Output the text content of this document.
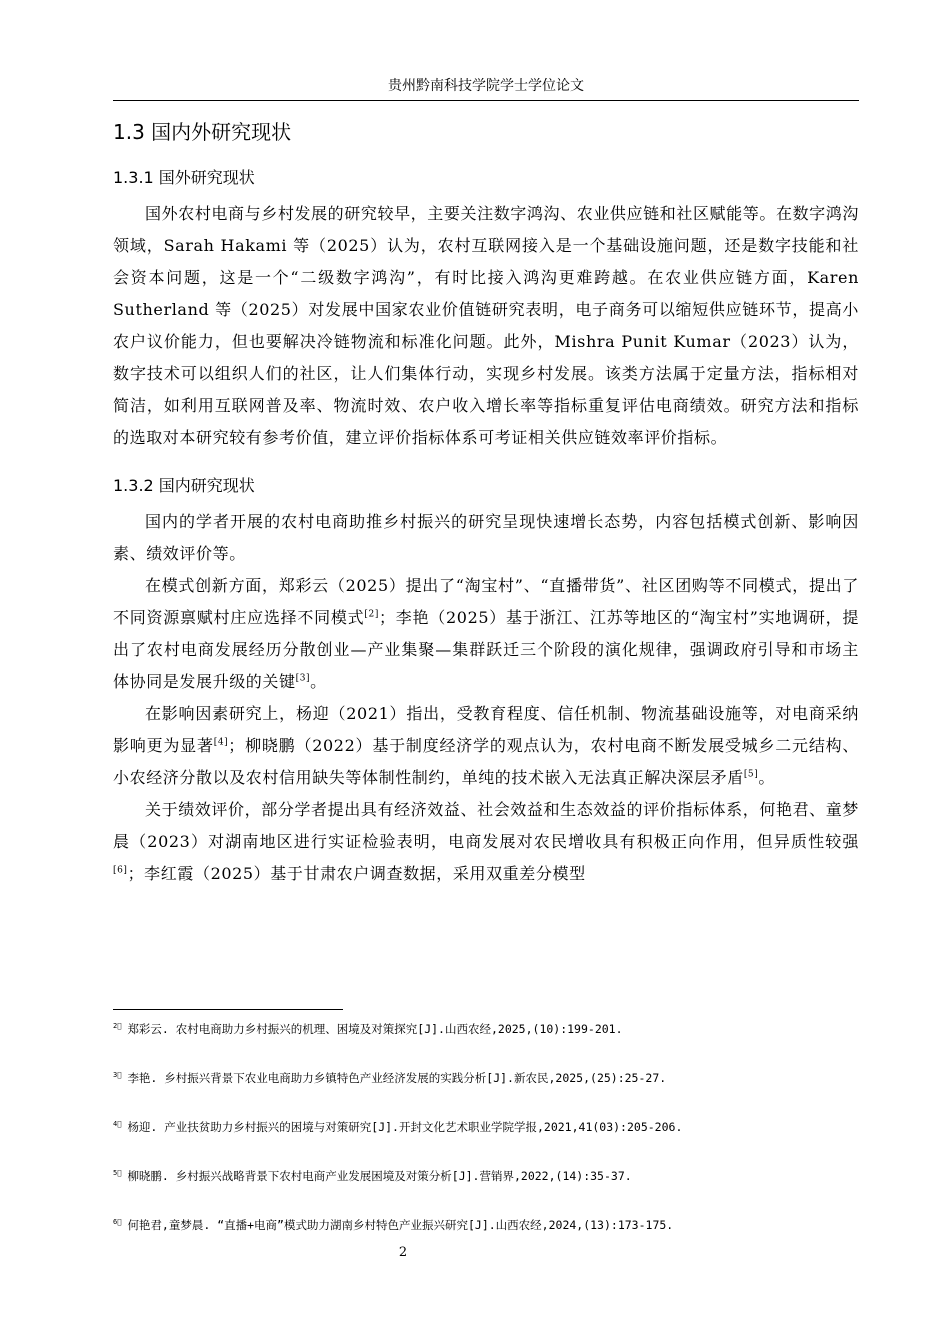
贵州黔南科技学院学士学位论文
1.3 国内外研究现状
1.3.1 国外研究现状

国外农村电商与乡村发展的研究较早，主要关注数字鸿沟、农业供应链和社区赋能等。在数字鸿沟领域，Sarah Hakami 等（2025）认为，农村互联网接入是一个基础设施问题，还是数字技能和社会资本问题，这是一个“二级数字鸿沟”，有时比接入鸿沟更难跨越。在农业供应链方面，Karen Sutherland 等（2025）对发展中国家农业价值链研究表明，电子商务可以缩短供应链环节，提高小农户议价能力，但也要解决冷链物流和标准化问题。此外，Mishra Punit Kumar（2023）认为，数字技术可以组织人们的社区，让人们集体行动，实现乡村发展。该类方法属于定量方法，指标相对简洁，如利用互联网普及率、物流时效、农户收入增长率等指标重复评估电商绩效。研究方法和指标的选取对本研究较有参考价值，建立评价指标体系可考证相关供应链效率评价指标。

1.3.2 国内研究现状

国内的学者开展的农村电商助推乡村振兴的研究呈现快速增长态势，内容包括模式创新、影响因素、绩效评价等。

在模式创新方面，郑彩云（2025）提出了“淘宝村”、“直播带货”、社区团购等不同模式，提出了不同资源禀赋村庄应选择不同模式[2]；李艳（2025）基于浙江、江苏等地区的“淘宝村”实地调研，提出了农村电商发展经历分散创业—产业集聚—集群跃迁三个阶段的演化规律，强调政府引导和市场主体协同是发展升级的关键[3]。

在影响因素研究上，杨迎（2021）指出，受教育程度、信任机制、物流基础设施等，对电商采纳影响更为显著[4]；柳晓鹏（2022）基于制度经济学的观点认为，农村电商不断发展受城乡二元结构、小农经济分散以及农村信用缺失等体制性制约，单纯的技术嵌入无法真正解决深层矛盾[5]。

关于绩效评价，部分学者提出具有经济效益、社会效益和生态效益的评价指标体系，何艳君、童梦晨（2023）对湖南地区进行实证检验表明，电商发展对农民增收具有积极正向作用，但异质性较强[6]；李红霞（2025）基于甘肃农户调查数据，采用双重差分模型

$^{2⃞}$ 郑彩云. 农村电商助力乡村振兴的机理、困境及对策探究[J].山西农经,2025,(10):199-201.
$^{3⃞}$ 李艳. 乡村振兴背景下农业电商助力乡镇特色产业经济发展的实践分析[J].新农民,2025,(25):25-27.
$^{4⃞}$ 杨迎. 产业扶贫助力乡村振兴的困境与对策研究[J].开封文化艺术职业学院学报,2021,41(03):205-206.
$^{5⃞}$ 柳晓鹏. 乡村振兴战略背景下农村电商产业发展困境及对策分析[J].营销界,2022,(14):35-37.
$^{6⃞}$ 何艳君,童梦晨. “直播+电商”模式助力湖南乡村特色产业振兴研究[J].山西农经,2024,(13):173-175.
2
